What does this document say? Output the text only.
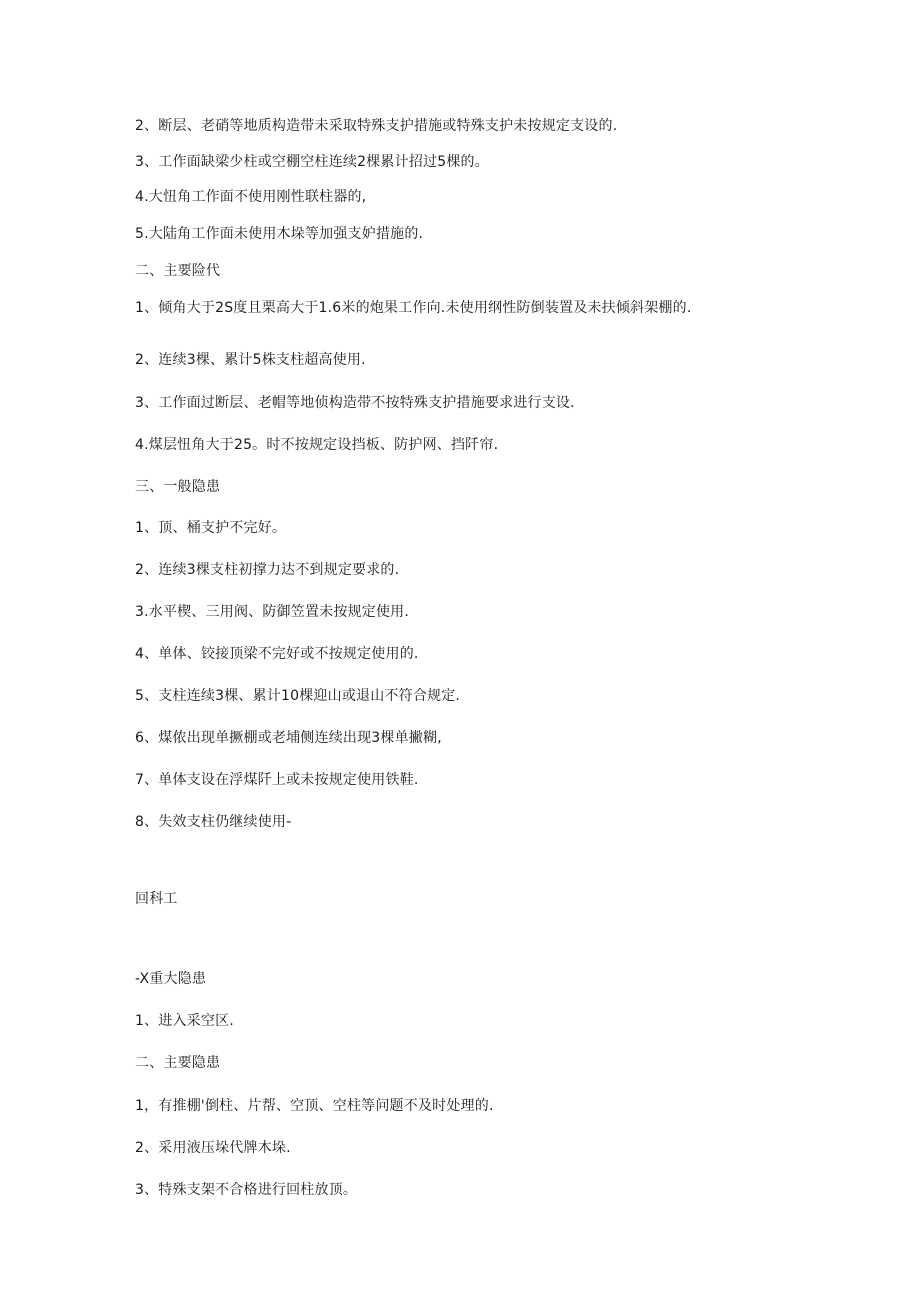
2、断层、老硝等地质构造带未采取特殊支护措施或特殊支护未按规定支设的.
3、工作面缺梁少柱或空棚空柱连续2棵累计招过5棵的。
4.大忸角工作面不使用刚性联柱器的,
5.大陆角工作面未使用木垛等加强支妒措施的.
二、主要险代
1、倾角大于2S度且栗高大于1.6米的炮果工作向.未使用纲性防倒装置及未扶倾斜架棚的.
2、连续3棵、累计5株支柱超高使用.
3、工作面过断层、老帽等地侦构造带不按特殊支护措施要求进行支设.
4.煤层忸角大于25。时不按规定设挡板、防护网、挡阡帘.
三、一般隐患
1、顶、桶支护不完好。
2、连续3棵支柱初撑力达不到规定要求的.
3.水平楔、三用阀、防御笠置未按规定使用.
4、单体、铰接顶梁不完好或不按规定使用的.
5、支柱连续3棵、累计10棵迎山或退山不符合规定.
6、煤侬出现单撅棚或老埔侧连续出现3棵单撇糊,
7、单体支设在浮煤阡上或未按规定使用铁鞋.
8、失效支柱仍继续使用-
回科工
-X重大隐患
1、进入采空区.
二、主要隐患
1，有推棚'倒柱、片帮、空顶、空柱等问题不及时处理的.
2、采用液压垛代牌木垛.
3、特殊支架不合格进行回柱放顶。
